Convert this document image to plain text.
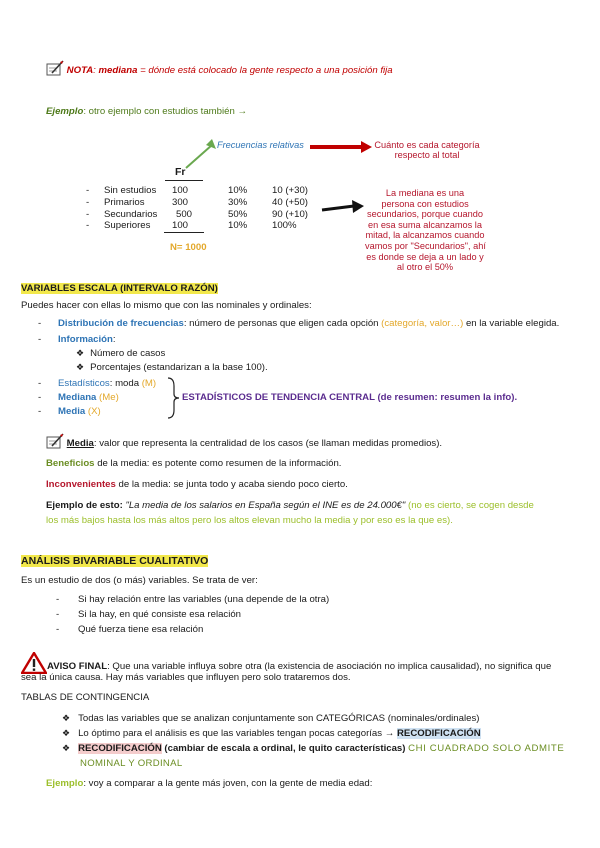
NOTA: mediana = dónde está colocado la gente respecto a una posición fija
Ejemplo: otro ejemplo con estudios también →
Frecuencias relativas	Cuánto es cada categoría
respecto al total
Fr
-	Sin estudios	100	10%	10 (+30)
-	Primarios	300	30%	40 (+50)
-	Secundarios	500	50%	90 (+10)
-	Superiores	100	10%	100%
N= 1000
La mediana es una
persona con estudios
secundarios, porque cuando
en esa suma alcanzamos la
mitad, la alcanzamos cuando
vamos por "Secundarios", ahí
es donde se deja a un lado y
al otro el 50%
VARIABLES ESCALA (INTERVALO RAZÓN)
Puedes hacer con ellas lo mismo que con las nominales y ordinales:
- Distribución de frecuencias: número de personas que eligen cada opción (categoría, valor…) en la variable elegida.
- Información:
❖ Número de casos
❖ Porcentajes (estandarizan a la base 100).
- Estadísticos: moda (M)
- Mediana (Me)
- Media (X)
ESTADÍSTICOS DE TENDENCIA CENTRAL (de resumen: resumen la info).
Media: valor que representa la centralidad de los casos (se llaman medidas promedios).
Beneficios de la media: es potente como resumen de la información.
Inconvenientes de la media: se junta todo y acaba siendo poco cierto.
Ejemplo de esto: "La media de los salarios en España según el INE es de 24.000€" (no es cierto, se cogen desde
los más bajos hasta los más altos pero los altos elevan mucho la media y por eso es la que es).
ANÁLISIS BIVARIABLE CUALITATIVO
Es un estudio de dos (o más) variables. Se trata de ver:
- Si hay relación entre las variables (una depende de la otra)
- Si la hay, en qué consiste esa relación
- Qué fuerza tiene esa relación
AVISO FINAL: Que una variable influya sobre otra (la existencia de asociación no implica causalidad), no significa que
sea la única causa. Hay más variables que influyen pero solo trataremos dos.
TABLAS DE CONTINGENCIA
❖ Todas las variables que se analizan conjuntamente son CATEGÓRICAS (nominales/ordinales)
❖ Lo óptimo para el análisis es que las variables tengan pocas categorías → RECODIFICACIÓN
❖ RECODIFICACIÓN (cambiar de escala a ordinal, le quito características) CHI CUADRADO SOLO ADMITE
NOMINAL Y ORDINAL
Ejemplo: voy a comparar a la gente más joven, con la gente de media edad:
